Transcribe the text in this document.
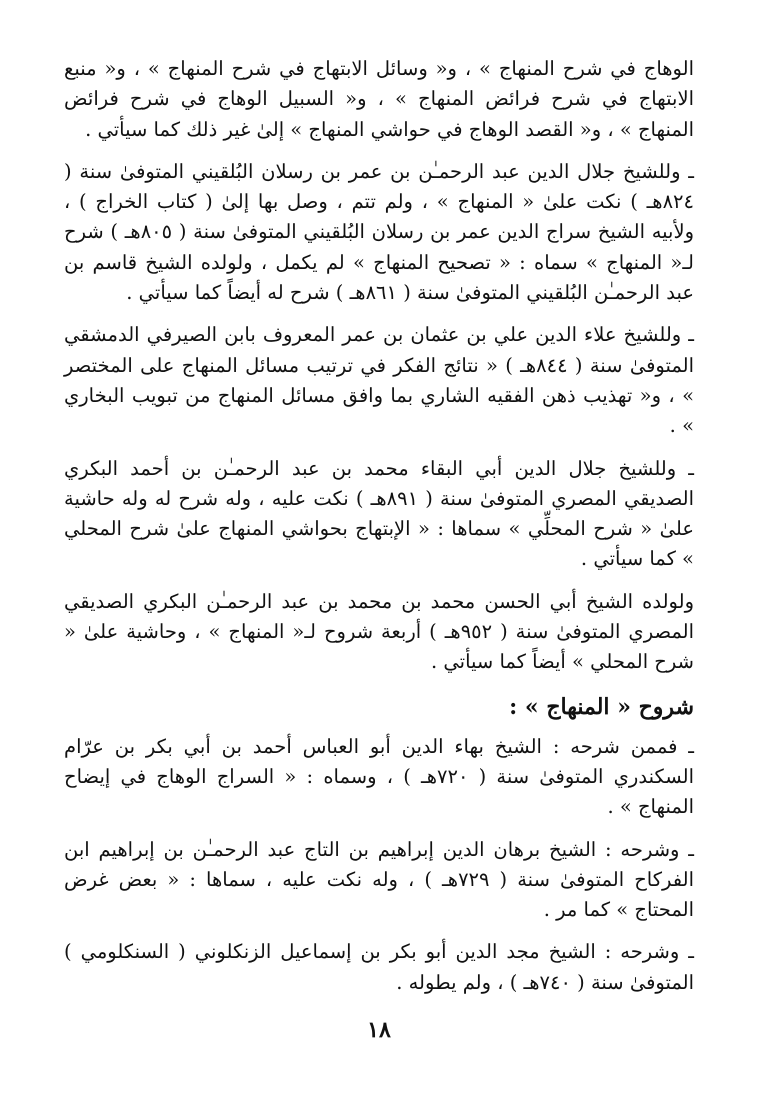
الوهاج في شرح المنهاج » ، و« وسائل الابتهاج في شرح المنهاج » ، و« منبع الابتهاج في شرح فرائض المنهاج » ، و« السبيل الوهاج في شرح فرائض المنهاج » ، و« القصد الوهاج في حواشي المنهاج » إلىٰ غير ذلك كما سيأتي .

ـ وللشيخ جلال الدين عبد الرحمـٰن بن عمر بن رسلان البُلقيني المتوفىٰ سنة ( ٨٢٤هـ ) نكت علىٰ « المنهاج » ، ولم تتم ، وصل بها إلىٰ ( كتاب الخراج ) ، ولأبيه الشيخ سراج الدين عمر بن رسلان البُلقيني المتوفىٰ سنة ( ٨٠٥هـ ) شرح لـ« المنهاج » سماه : « تصحيح المنهاج » لم يكمل ، ولولده الشيخ قاسم بن عبد الرحمـٰن البُلقيني المتوفىٰ سنة ( ٨٦١هـ ) شرح له أيضاً كما سيأتي .

ـ وللشيخ علاء الدين علي بن عثمان بن عمر المعروف بابن الصيرفي الدمشقي المتوفىٰ سنة ( ٨٤٤هـ ) « نتائج الفكر في ترتيب مسائل المنهاج على المختصر » ، و« تهذيب ذهن الفقيه الشاري بما وافق مسائل المنهاج من تبويب البخاري » .

ـ وللشيخ جلال الدين أبي البقاء محمد بن عبد الرحمـٰن بن أحمد البكري الصديقي المصري المتوفىٰ سنة ( ٨٩١هـ ) نكت عليه ، وله شرح له وله حاشية علىٰ « شرح المحلِّي » سماها : « الإبتهاج بحواشي المنهاج علىٰ شرح المحلي » كما سيأتي .

ولولده الشيخ أبي الحسن محمد بن محمد بن عبد الرحمـٰن البكري الصديقي المصري المتوفىٰ سنة ( ٩٥٢هـ ) أربعة شروح لـ« المنهاج » ، وحاشية علىٰ « شرح المحلي » أيضاً كما سيأتي .

شروح « المنهاج » :

ـ فممن شرحه : الشيخ بهاء الدين أبو العباس أحمد بن أبي بكر بن عرّام السكندري المتوفىٰ سنة ( ٧٢٠هـ ) ، وسماه : « السراج الوهاج في إيضاح المنهاج » .

ـ وشرحه : الشيخ برهان الدين إبراهيم بن التاج عبد الرحمـٰن بن إبراهيم ابن الفركاح المتوفىٰ سنة ( ٧٢٩هـ ) ، وله نكت عليه ، سماها : « بعض غرض المحتاج » كما مر .

ـ وشرحه : الشيخ مجد الدين أبو بكر بن إسماعيل الزنكلوني ( السنكلومي ) المتوفىٰ سنة ( ٧٤٠هـ ) ، ولم يطوله .

١٨
